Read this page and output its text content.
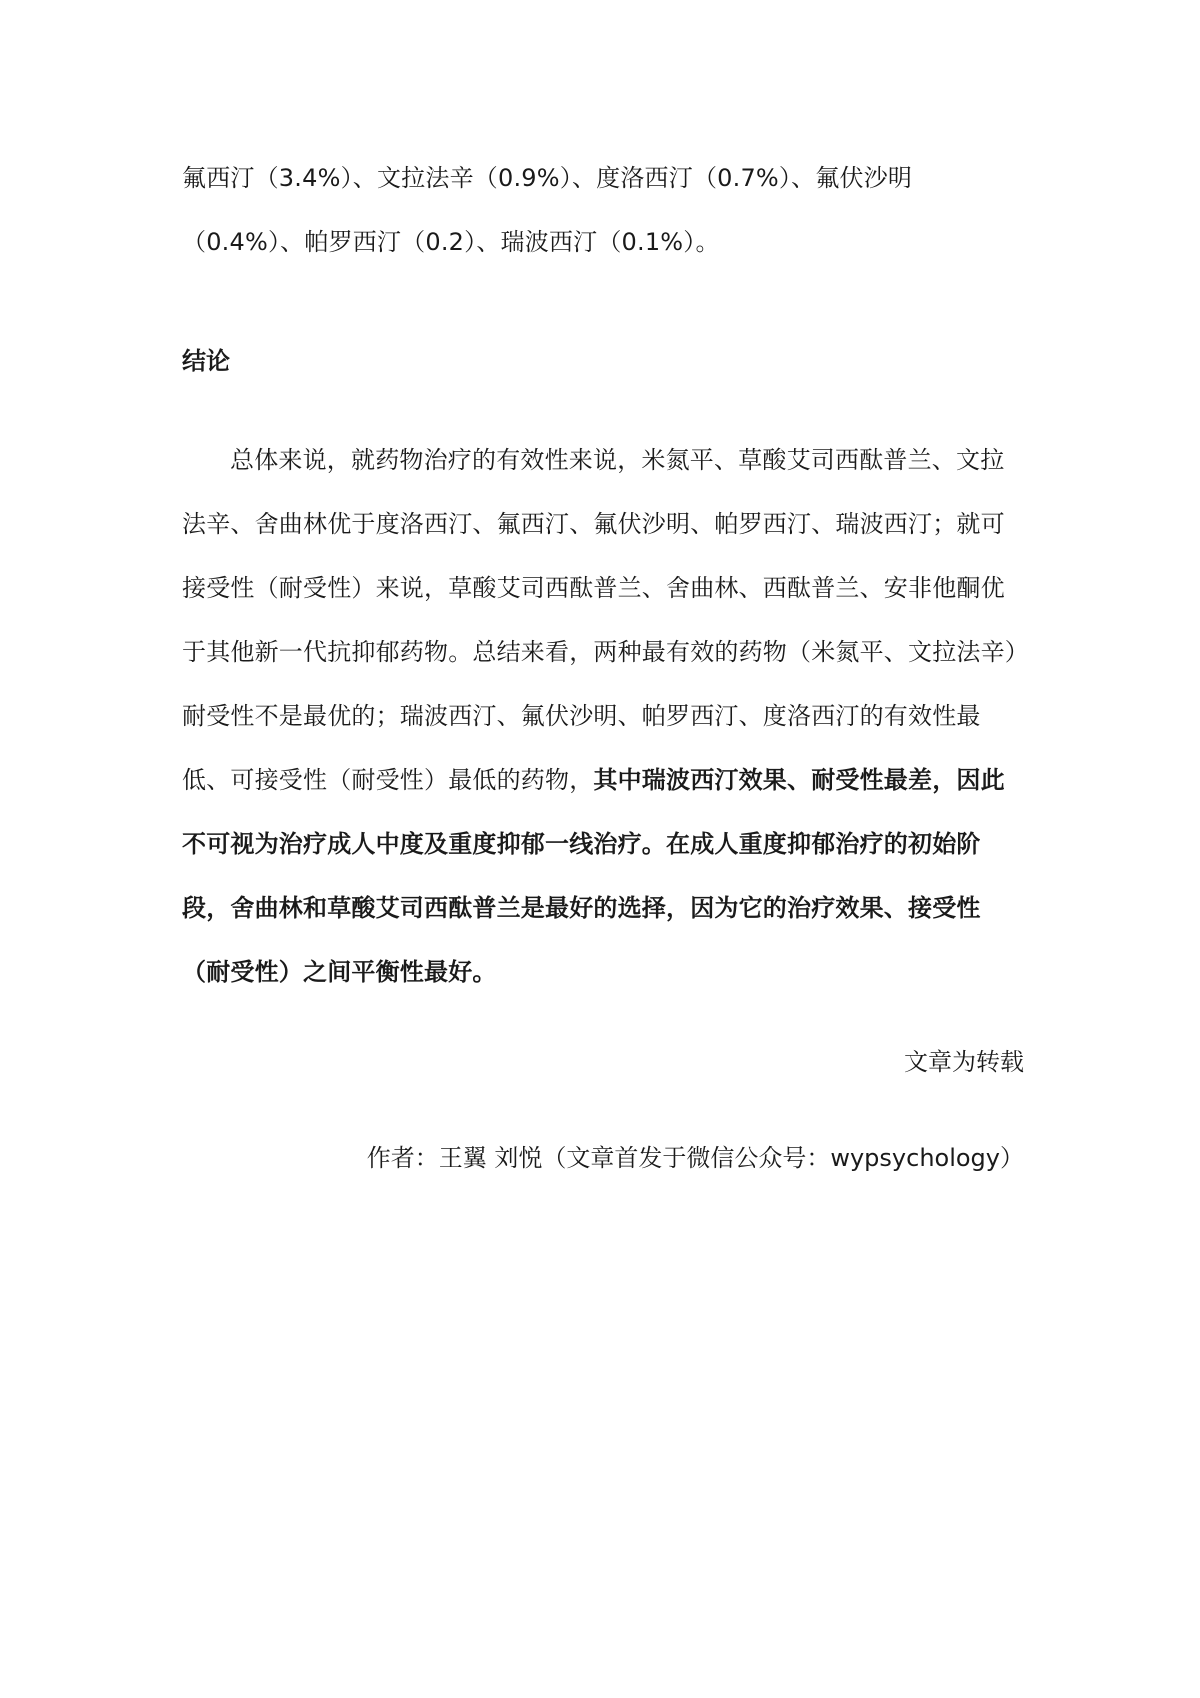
氟西汀（3.4%）、文拉法辛（0.9%）、度洛西汀（0.7%）、氟伏沙明（0.4%）、帕罗西汀（0.2）、瑞波西汀（0.1%）。
结论
总体来说，就药物治疗的有效性来说，米氮平、草酸艾司西酞普兰、文拉法辛、舍曲林优于度洛西汀、氟西汀、氟伏沙明、帕罗西汀、瑞波西汀；就可接受性（耐受性）来说，草酸艾司西酞普兰、舍曲林、西酞普兰、安非他酮优于其他新一代抗抑郁药物。总结来看，两种最有效的药物（米氮平、文拉法辛）耐受性不是最优的；瑞波西汀、氟伏沙明、帕罗西汀、度洛西汀的有效性最低、可接受性（耐受性）最低的药物，其中瑞波西汀效果、耐受性最差，因此不可视为治疗成人中度及重度抑郁一线治疗。在成人重度抑郁治疗的初始阶段，舍曲林和草酸艾司西酞普兰是最好的选择，因为它的治疗效果、接受性（耐受性）之间平衡性最好。
文章为转载
作者：王翼 刘悦（文章首发于微信公众号：wypsychology）
